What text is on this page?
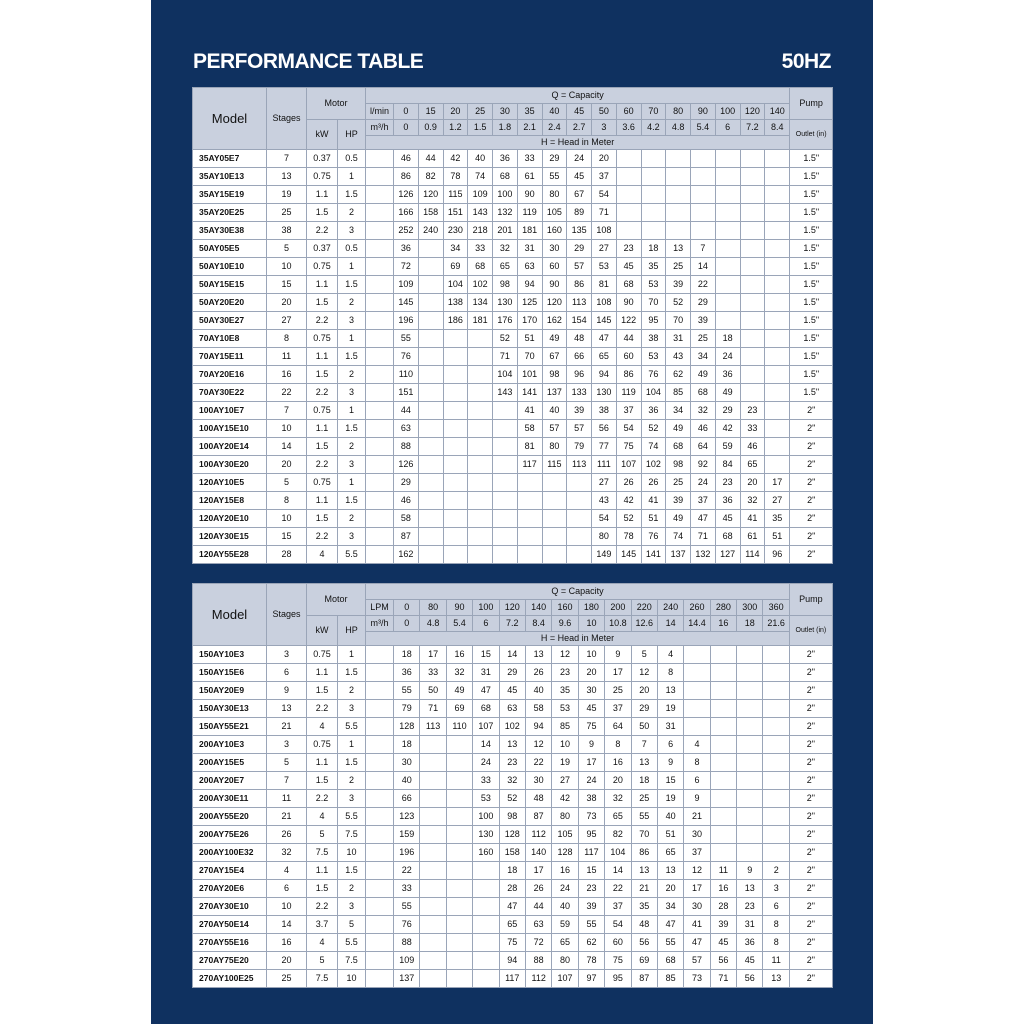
PERFORMANCE TABLE	50HZ
Model	Stages	Motor		Q = Capacity																	Pump
				l/min	0	15	20	25	30	35	40	45	50	60	70	80	90	100	120	140	
		kW	HP	m³/h	0	0.9	1.2	1.5	1.8	2.1	2.4	2.7	3	3.6	4.2	4.8	5.4	6	7.2	8.4	Outlet (in)
				H = Head in Meter																	
35AY05E7	7	0.37	0.5		46	44	42	40	36	33	29	24	20								1.5"
35AY10E13	13	0.75	1		86	82	78	74	68	61	55	45	37								1.5"
35AY15E19	19	1.1	1.5		126	120	115	109	100	90	80	67	54								1.5"
35AY20E25	25	1.5	2		166	158	151	143	132	119	105	89	71								1.5"
35AY30E38	38	2.2	3		252	240	230	218	201	181	160	135	108								1.5"
50AY05E5	5	0.37	0.5		36		34	33	32	31	30	29	27	23	18	13	7				1.5"
50AY10E10	10	0.75	1		72		69	68	65	63	60	57	53	45	35	25	14				1.5"
50AY15E15	15	1.1	1.5		109		104	102	98	94	90	86	81	68	53	39	22				1.5"
50AY20E20	20	1.5	2		145		138	134	130	125	120	113	108	90	70	52	29				1.5"
50AY30E27	27	2.2	3		196		186	181	176	170	162	154	145	122	95	70	39				1.5"
70AY10E8	8	0.75	1		55				52	51	49	48	47	44	38	31	25	18			1.5"
70AY15E11	11	1.1	1.5		76				71	70	67	66	65	60	53	43	34	24			1.5"
70AY20E16	16	1.5	2		110				104	101	98	96	94	86	76	62	49	36			1.5"
70AY30E22	22	2.2	3		151				143	141	137	133	130	119	104	85	68	49			1.5"
100AY10E7	7	0.75	1		44					41	40	39	38	37	36	34	32	29	23		2"
100AY15E10	10	1.1	1.5		63					58	57	57	56	54	52	49	46	42	33		2"
100AY20E14	14	1.5	2		88					81	80	79	77	75	74	68	64	59	46		2"
100AY30E20	20	2.2	3		126					117	115	113	111	107	102	98	92	84	65		2"
120AY10E5	5	0.75	1		29								27	26	26	25	24	23	20	17	2"
120AY15E8	8	1.1	1.5		46								43	42	41	39	37	36	32	27	2"
120AY20E10	10	1.5	2		58								54	52	51	49	47	45	41	35	2"
120AY30E15	15	2.2	3		87								80	78	76	74	71	68	61	51	2"
120AY55E28	28	4	5.5		162								149	145	141	137	132	127	114	96	2"
Model	Stages	Motor		Q = Capacity																Pump
				LPM	0	80	90	100	120	140	160	180	200	220	240	260	280	300	360	
		kW	HP	m³/h	0	4.8	5.4	6	7.2	8.4	9.6	10	10.8	12.6	14	14.4	16	18	21.6	Outlet (in)
				H = Head in Meter																
150AY10E3	3	0.75	1		18	17	16	15	14	13	12	10	9	5	4					2"
150AY15E6	6	1.1	1.5		36	33	32	31	29	26	23	20	17	12	8					2"
150AY20E9	9	1.5	2		55	50	49	47	45	40	35	30	25	20	13					2"
150AY30E13	13	2.2	3		79	71	69	68	63	58	53	45	37	29	19					2"
150AY55E21	21	4	5.5		128	113	110	107	102	94	85	75	64	50	31					2"
200AY10E3	3	0.75	1		18			14	13	12	10	9	8	7	6	4				2"
200AY15E5	5	1.1	1.5		30			24	23	22	19	17	16	13	9	8				2"
200AY20E7	7	1.5	2		40			33	32	30	27	24	20	18	15	6				2"
200AY30E11	11	2.2	3		66			53	52	48	42	38	32	25	19	9				2"
200AY55E20	21	4	5.5		123			100	98	87	80	73	65	55	40	21				2"
200AY75E26	26	5	7.5		159			130	128	112	105	95	82	70	51	30				2"
200AY100E32	32	7.5	10		196			160	158	140	128	117	104	86	65	37				2"
270AY15E4	4	1.1	1.5		22				18	17	16	15	14	13	13	12	11	9	2	2"
270AY20E6	6	1.5	2		33				28	26	24	23	22	21	20	17	16	13	3	2"
270AY30E10	10	2.2	3		55				47	44	40	39	37	35	34	30	28	23	6	2"
270AY50E14	14	3.7	5		76				65	63	59	55	54	48	47	41	39	31	8	2"
270AY55E16	16	4	5.5		88				75	72	65	62	60	56	55	47	45	36	8	2"
270AY75E20	20	5	7.5		109				94	88	80	78	75	69	68	57	56	45	11	2"
270AY100E25	25	7.5	10		137				117	112	107	97	95	87	85	73	71	56	13	2"
